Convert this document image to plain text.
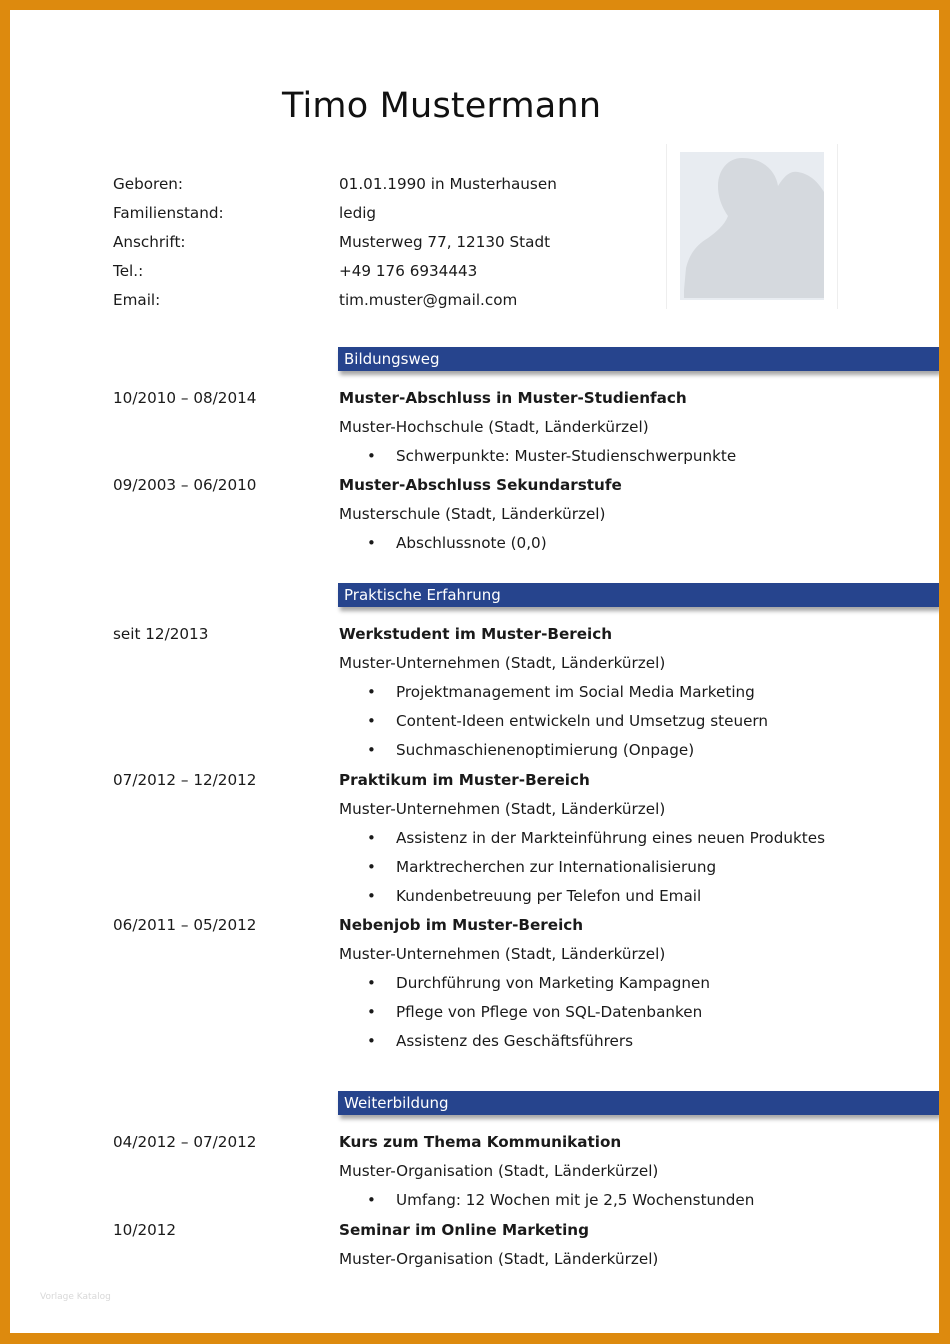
Timo Mustermann
Geboren:	01.01.1990 in Musterhausen
Familienstand:	ledig
Anschrift:	Musterweg 77, 12130 Stadt
Tel.:	+49 176 6934443
Email:	tim.muster@gmail.com
Bildungsweg
10/2010 – 08/2014	Muster-Abschluss in Muster-Studienfach
Muster-Hochschule (Stadt, Länderkürzel)
• Schwerpunkte: Muster-Studienschwerpunkte
09/2003 – 06/2010	Muster-Abschluss Sekundarstufe
Musterschule (Stadt, Länderkürzel)
• Abschlussnote (0,0)
Praktische Erfahrung
seit 12/2013	Werkstudent im Muster-Bereich
Muster-Unternehmen (Stadt, Länderkürzel)
• Projektmanagement im Social Media Marketing
• Content-Ideen entwickeln und Umsetzug steuern
• Suchmaschienenoptimierung (Onpage)
07/2012 – 12/2012	Praktikum im Muster-Bereich
Muster-Unternehmen (Stadt, Länderkürzel)
• Assistenz in der Markteinführung eines neuen Produktes
• Marktrecherchen zur Internationalisierung
• Kundenbetreuung per Telefon und Email
06/2011 – 05/2012	Nebenjob im Muster-Bereich
Muster-Unternehmen (Stadt, Länderkürzel)
• Durchführung von Marketing Kampagnen
• Pflege von Pflege von SQL-Datenbanken
• Assistenz des Geschäftsführers
Weiterbildung
04/2012 – 07/2012	Kurs zum Thema Kommunikation
Muster-Organisation (Stadt, Länderkürzel)
• Umfang: 12 Wochen mit je 2,5 Wochenstunden
10/2012	Seminar im Online Marketing
Muster-Organisation (Stadt, Länderkürzel)
Vorlage Katalog
